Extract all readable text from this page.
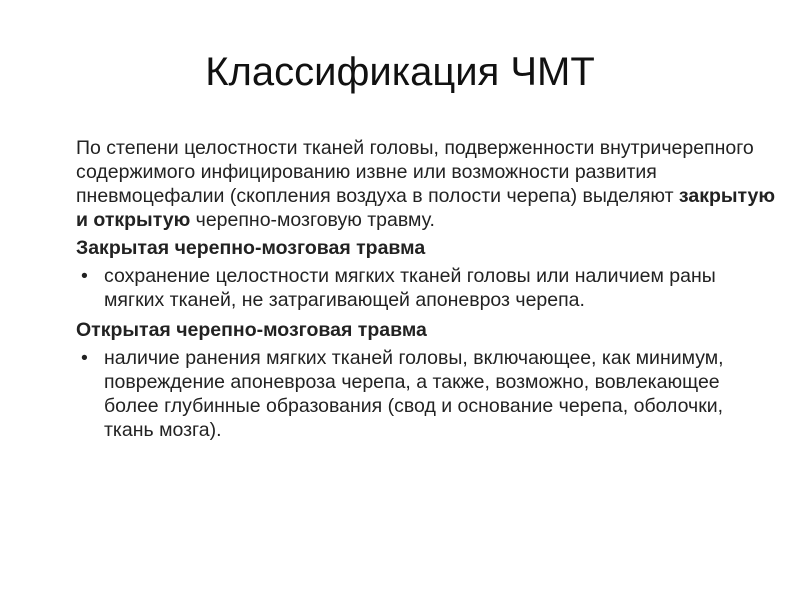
Классификация ЧМТ

По степени целостности тканей головы, подверженности внутричерепного содержимого инфицированию извне или возможности развития пневмоцефалии (скопления воздуха в полости черепа) выделяют закрытую и открытую черепно-мозговую травму.

Закрытая черепно-мозговая травма

• сохранение целостности мягких тканей головы или наличием раны мягких тканей, не затрагивающей апоневроз черепа.

Открытая черепно-мозговая травма

• наличие ранения мягких тканей головы, включающее, как минимум, повреждение апоневроза черепа, а также, возможно, вовлекающее более глубинные образования (свод и основание черепа, оболочки, ткань мозга).
